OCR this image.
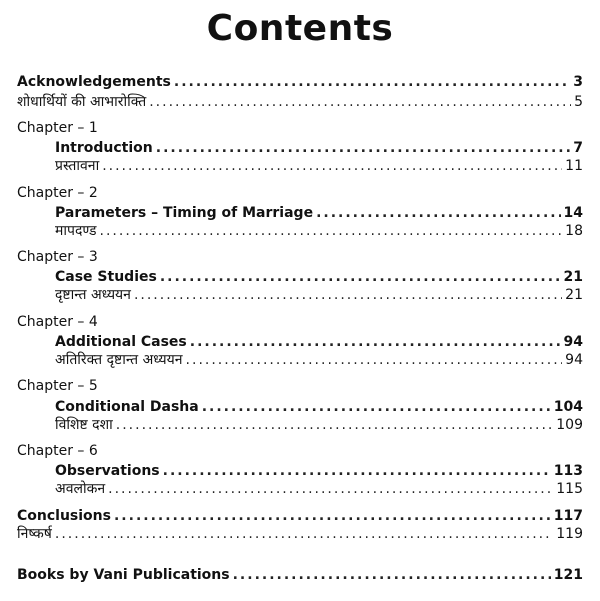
Contents
Acknowledgements .....	3
शोधार्थियों की आभारोक्ति .....	5
Chapter – 1
Introduction .....	7
प्रस्तावना .....	11
Chapter – 2
Parameters – Timing of Marriage .....	14
मापदण्ड .....	18
Chapter – 3
Case Studies .....	21
दृष्टान्त अध्ययन .....	21
Chapter – 4
Additional Cases .....	94
अतिरिक्त दृष्टान्त अध्ययन .....	94
Chapter – 5
Conditional Dasha .....	104
विशिष्ट दशा .....	109
Chapter – 6
Observations .....	113
अवलोकन .....	115
Conclusions .....	117
निष्कर्ष .....	119
Books by Vani Publications .....	121
